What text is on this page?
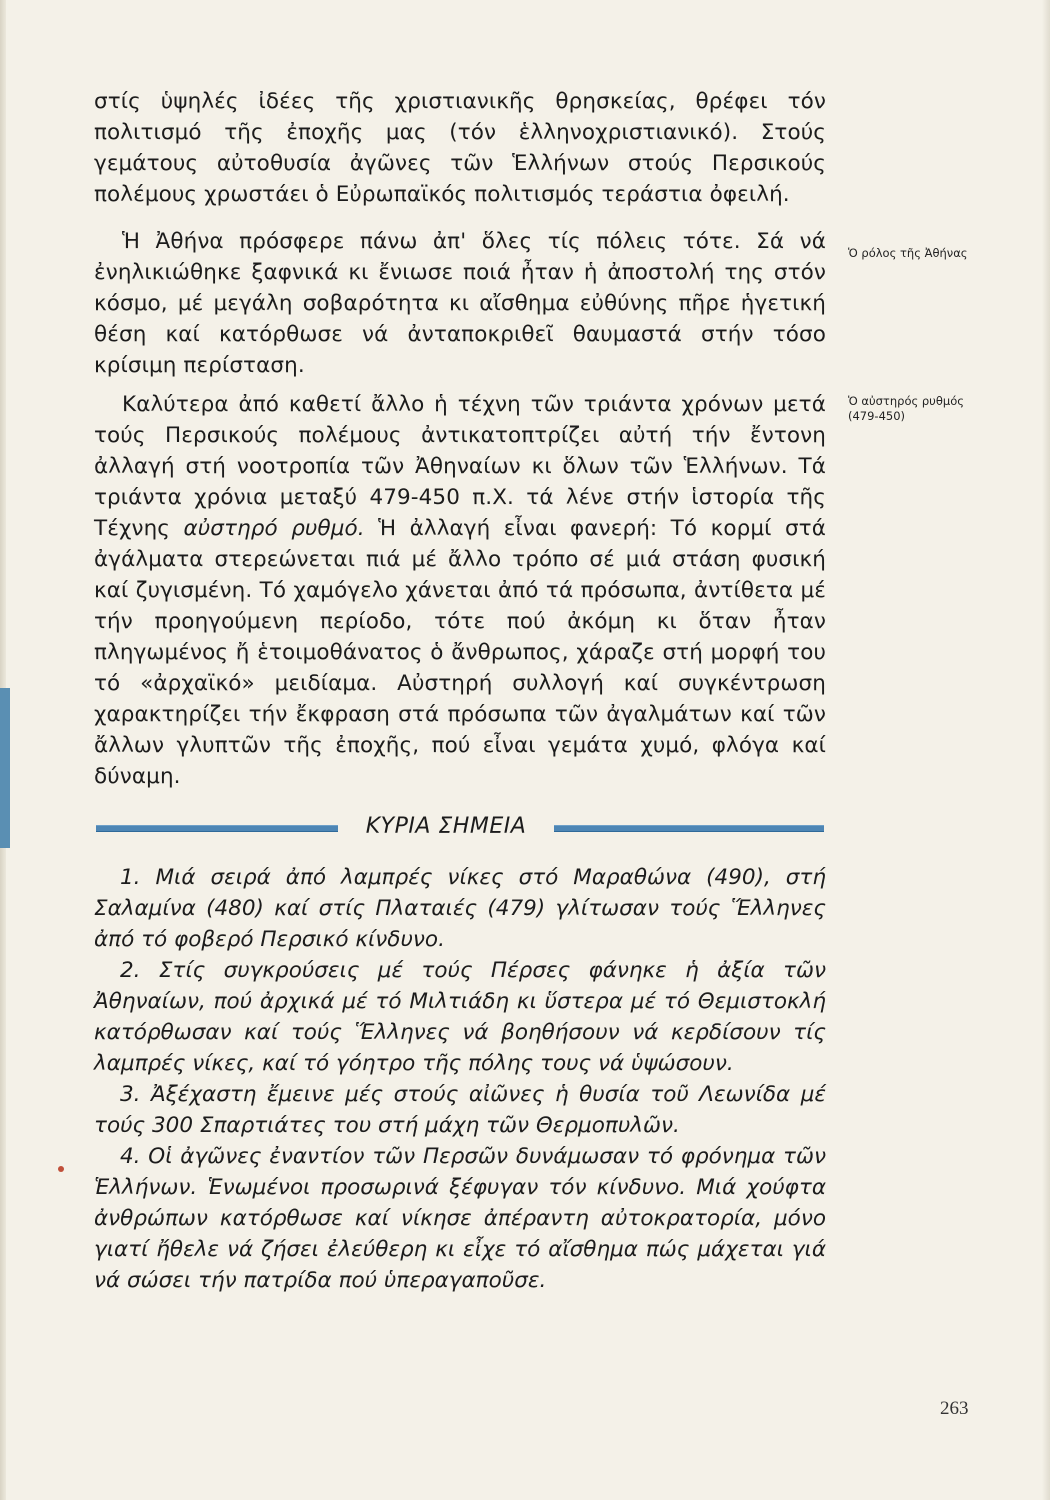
στίς ὑψηλές ἰδέες τῆς χριστιανικῆς θρησκείας, θρέφει τόν πολιτισμό τῆς ἐποχῆς μας (τόν ἑλληνοχριστιανικό). Στούς γεμάτους αὐτοθυσία ἀγῶνες τῶν Ἑλλήνων στούς Περσικούς πολέμους χρωστάει ὁ Εὐρωπαϊκός πολιτισμός τεράστια ὀφειλή.

Ἡ Ἀθήνα πρόσφερε πάνω ἀπ' ὅλες τίς πόλεις τότε. Σά νά ἐνηλικιώθηκε ξαφνικά κι ἔνιωσε ποιά ἦταν ἡ ἀποστολή της στόν κόσμο, μέ μεγάλη σοβαρότητα κι αἴσθημα εὐθύνης πῆρε ἡγετική θέση καί κατόρθωσε νά ἀνταποκριθεῖ θαυμαστά στήν τόσο κρίσιμη περίσταση.

Καλύτερα ἀπό καθετί ἄλλο ἡ τέχνη τῶν τριάντα χρόνων μετά τούς Περσικούς πολέμους ἀντικατοπτρίζει αὐτή τήν ἔντονη ἀλλαγή στή νοοτροπία τῶν Ἀθηναίων κι ὅλων τῶν Ἑλλήνων. Τά τριάντα χρόνια μεταξύ 479-450 π.Χ. τά λένε στήν ἱστορία τῆς Τέχνης αὐστηρό ρυθμό. Ἡ ἀλλαγή εἶναι φανερή: Τό κορμί στά ἀγάλματα στερεώνεται πιά μέ ἄλλο τρόπο σέ μιά στάση φυσική καί ζυγισμένη. Τό χαμόγελο χάνεται ἀπό τά πρόσωπα, ἀντίθετα μέ τήν προηγούμενη περίοδο, τότε πού ἀκόμη κι ὅταν ἦταν πληγωμένος ἤ ἑτοιμοθάνατος ὁ ἄνθρωπος, χάραζε στή μορφή του τό «ἀρχαϊκό» μειδίαμα. Αὐστηρή συλλογή καί συγκέντρωση χαρακτηρίζει τήν ἔκφραση στά πρόσωπα τῶν ἀγαλμάτων καί τῶν ἄλλων γλυπτῶν τῆς ἐποχῆς, πού εἶναι γεμάτα χυμό, φλόγα καί δύναμη.

Ὁ ρόλος τῆς Ἀθήνας
Ὁ αὐστηρός ρυθμός (479-450)
ΚΥΡΙΑ ΣΗΜΕΙΑ

1. Μιά σειρά ἀπό λαμπρές νίκες στό Μαραθώνα (490), στή Σαλαμίνα (480) καί στίς Πλαταιές (479) γλίτωσαν τούς Ἕλληνες ἀπό τό φοβερό Περσικό κίνδυνο.

2. Στίς συγκρούσεις μέ τούς Πέρσες φάνηκε ἡ ἀξία τῶν Ἀθηναίων, πού ἀρχικά μέ τό Μιλτιάδη κι ὕστερα μέ τό Θεμιστοκλή κατόρθωσαν καί τούς Ἕλληνες νά βοηθήσουν νά κερδίσουν τίς λαμπρές νίκες, καί τό γόητρο τῆς πόλης τους νά ὑψώσουν.

3. Ἀξέχαστη ἔμεινε μές στούς αἰῶνες ἡ θυσία τοῦ Λεωνίδα μέ τούς 300 Σπαρτιάτες του στή μάχη τῶν Θερμοπυλῶν.

4. Οἱ ἀγῶνες ἐναντίον τῶν Περσῶν δυνάμωσαν τό φρόνημα τῶν Ἑλλήνων. Ἑνωμένοι προσωρινά ξέφυγαν τόν κίνδυνο. Μιά χούφτα ἀνθρώπων κατόρθωσε καί νίκησε ἀπέραντη αὐτοκρατορία, μόνο γιατί ἤθελε νά ζήσει ἐλεύθερη κι εἶχε τό αἴσθημα πώς μάχεται γιά νά σώσει τήν πατρίδα πού ὑπεραγαποῦσε.

263
